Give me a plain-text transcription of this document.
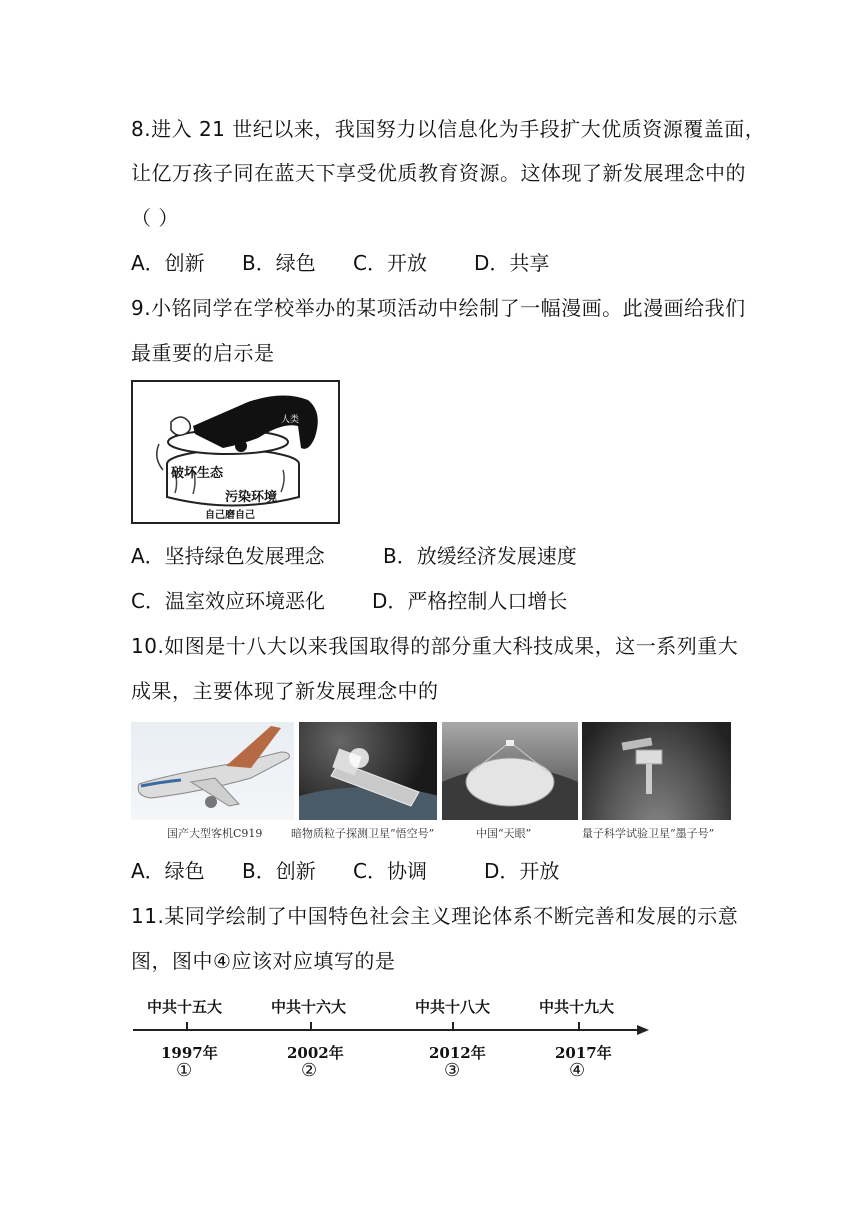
8.进入 21 世纪以来，我国努力以信息化为手段扩大优质资源覆盖面，
让亿万孩子同在蓝天下享受优质教育资源。这体现了新发展理念中的
（ ）
A．创新 B．绿色 C．开放 D．共享
9.小铭同学在学校举办的某项活动中绘制了一幅漫画。此漫画给我们
最重要的启示是
人类
破坏生态
污染环境
自己磨自己
A．坚持绿色发展理念	B．放缓经济发展速度
C．温室效应环境恶化 D．严格控制人口增长
10.如图是十八大以来我国取得的部分重大科技成果，这一系列重大
成果，主要体现了新发展理念中的
国产大型客机C919	暗物质粒子探测卫星“悟空号”	中国“天眼”	量子科学试验卫星“墨子号”
A．绿色 B．创新 C．协调	D．开放
11.某同学绘制了中国特色社会主义理论体系不断完善和发展的示意
图，图中④应该对应填写的是
中共十五大	中共十六大	中共十八大	中共十九大
1997年	2002年	2012年	2017年
①	②	③	④
